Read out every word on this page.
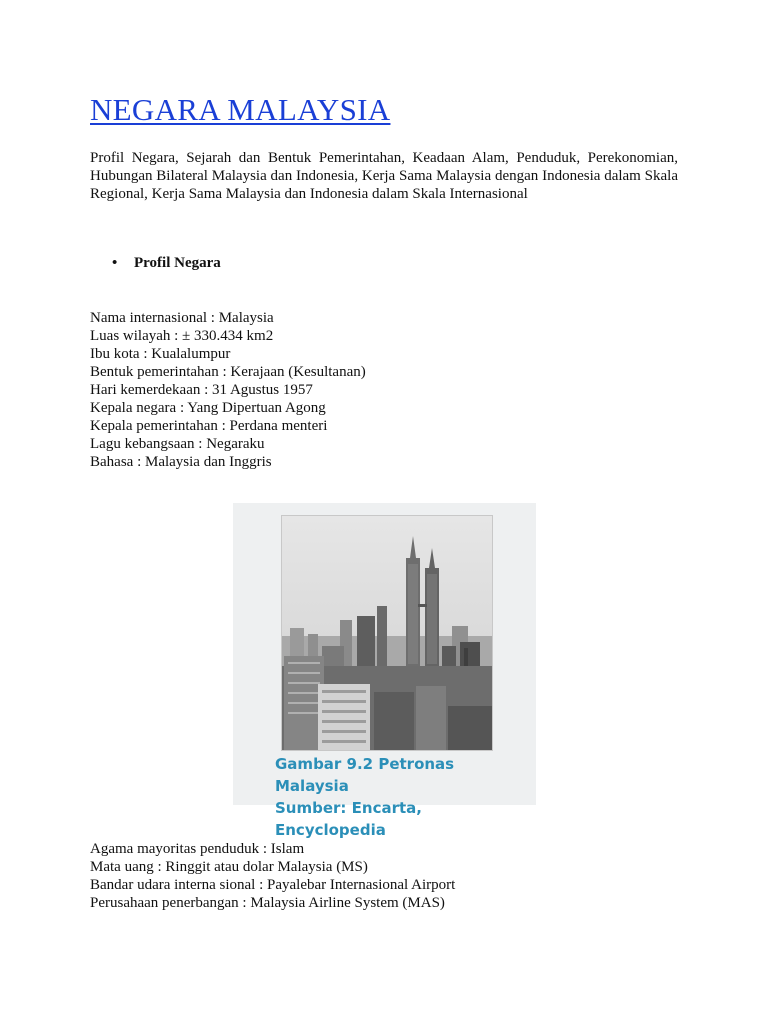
NEGARA MALAYSIA

Profil Negara, Sejarah dan Bentuk Pemerintahan, Keadaan Alam, Penduduk, Perekonomian, Hubungan Bilateral Malaysia dan Indonesia, Kerja Sama Malaysia dengan Indonesia dalam Skala Regional, Kerja Sama Malaysia dan Indonesia dalam Skala Internasional

• Profil Negara
Nama internasional : Malaysia
Luas wilayah : ± 330.434 km2
Ibu kota : Kualalumpur
Bentuk pemerintahan : Kerajaan (Kesultanan)
Hari kemerdekaan : 31 Agustus 1957
Kepala negara : Yang Dipertuan Agong
Kepala pemerintahan : Perdana menteri
Lagu kebangsaan : Negaraku
Bahasa : Malaysia dan Inggris
Gambar 9.2 Petronas Malaysia
Sumber: Encarta, Encyclopedia
Agama mayoritas penduduk : Islam
Mata uang : Ringgit atau dolar Malaysia (MS)
Bandar udara interna sional : Payalebar Internasional Airport
Perusahaan penerbangan : Malaysia Airline System (MAS)
